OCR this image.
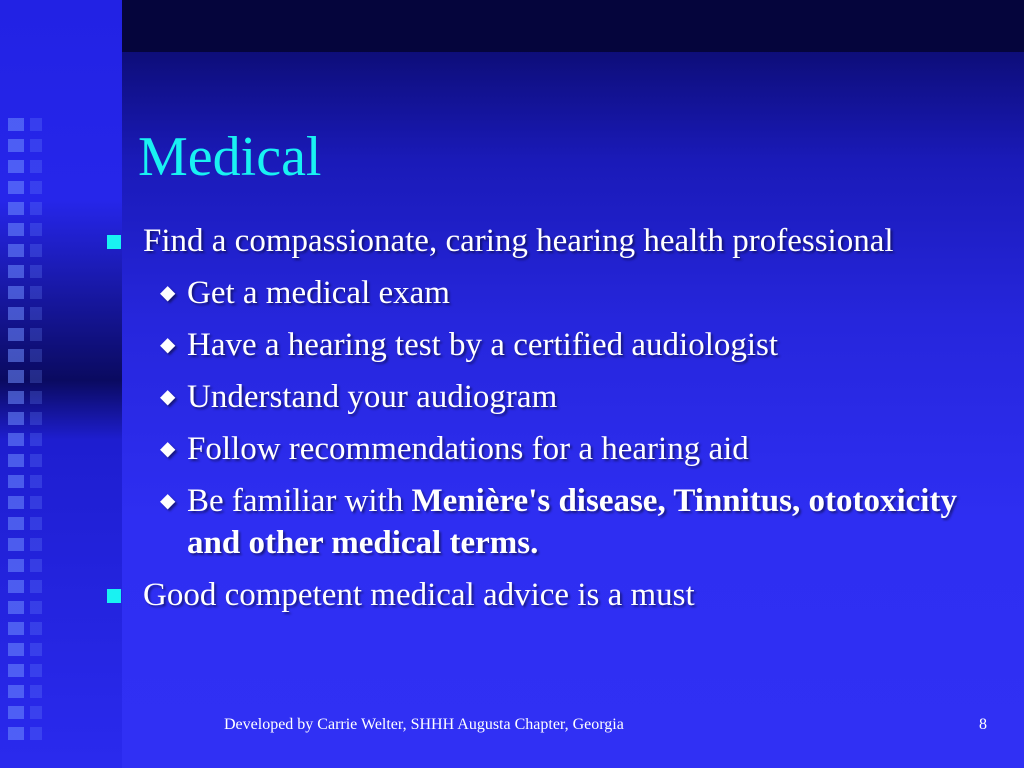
Medical
Find a compassionate, caring hearing health professional
◆ Get a medical exam
◆ Have a hearing test by a certified audiologist
◆ Understand your audiogram
◆ Follow recommendations for a hearing aid
◆ Be familiar with Menière's disease, Tinnitus, ototoxicity and other medical terms.
Good competent medical advice is a must
Developed by Carrie Welter, SHHH Augusta Chapter, Georgia	8
